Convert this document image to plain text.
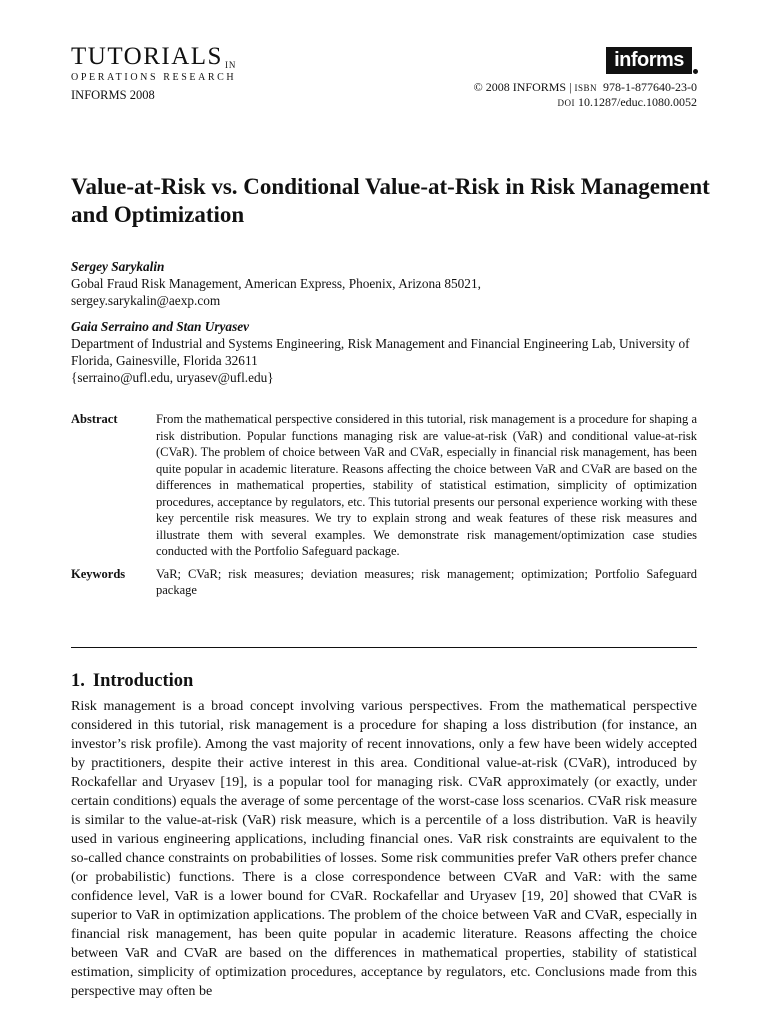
TUTORIALS $^{IN}$
OPERATIONS RESEARCH
INFORMS 2008
informs
© 2008 INFORMS | ISBN 978-1-877640-23-0
DOI 10.1287/educ.1080.0052
Value-at-Risk vs. Conditional Value-at-Risk in Risk Management and Optimization
Sergey Sarykalin
Gobal Fraud Risk Management, American Express, Phoenix, Arizona 85021,
sergey.sarykalin@aexp.com
Gaia Serraino and Stan Uryasev
Department of Industrial and Systems Engineering, Risk Management and Financial Engineering Lab, University of Florida, Gainesville, Florida 32611
{serraino@ufl.edu, uryasev@ufl.edu}
Abstract	From the mathematical perspective considered in this tutorial, risk management is a procedure for shaping a risk distribution. Popular functions managing risk are value-at-risk (VaR) and conditional value-at-risk (CVaR). The problem of choice between VaR and CVaR, especially in financial risk management, has been quite popular in academic literature. Reasons affecting the choice between VaR and CVaR are based on the differences in mathematical properties, stability of statistical estimation, simplicity of optimization procedures, acceptance by regulators, etc. This tutorial presents our personal experience working with these key percentile risk measures. We try to explain strong and weak features of these risk measures and illustrate them with several examples. We demonstrate risk management/optimization case studies conducted with the Portfolio Safeguard package.
Keywords	VaR; CVaR; risk measures; deviation measures; risk management; optimization; Portfolio Safeguard package
1. Introduction
Risk management is a broad concept involving various perspectives. From the mathematical perspective considered in this tutorial, risk management is a procedure for shaping a loss distribution (for instance, an investor’s risk profile). Among the vast majority of recent innovations, only a few have been widely accepted by practitioners, despite their active interest in this area. Conditional value-at-risk (CVaR), introduced by Rockafellar and Uryasev [19], is a popular tool for managing risk. CVaR approximately (or exactly, under certain conditions) equals the average of some percentage of the worst-case loss scenarios. CVaR risk measure is similar to the value-at-risk (VaR) risk measure, which is a percentile of a loss distribution. VaR is heavily used in various engineering applications, including financial ones. VaR risk constraints are equivalent to the so-called chance constraints on probabilities of losses. Some risk communities prefer VaR others prefer chance (or probabilistic) functions. There is a close correspondence between CVaR and VaR: with the same confidence level, VaR is a lower bound for CVaR. Rockafellar and Uryasev [19, 20] showed that CVaR is superior to VaR in optimization applications. The problem of the choice between VaR and CVaR, especially in financial risk management, has been quite popular in academic literature. Reasons affecting the choice between VaR and CVaR are based on the differences in mathematical properties, stability of statistical estimation, simplicity of optimization procedures, acceptance by regulators, etc. Conclusions made from this perspective may often be
